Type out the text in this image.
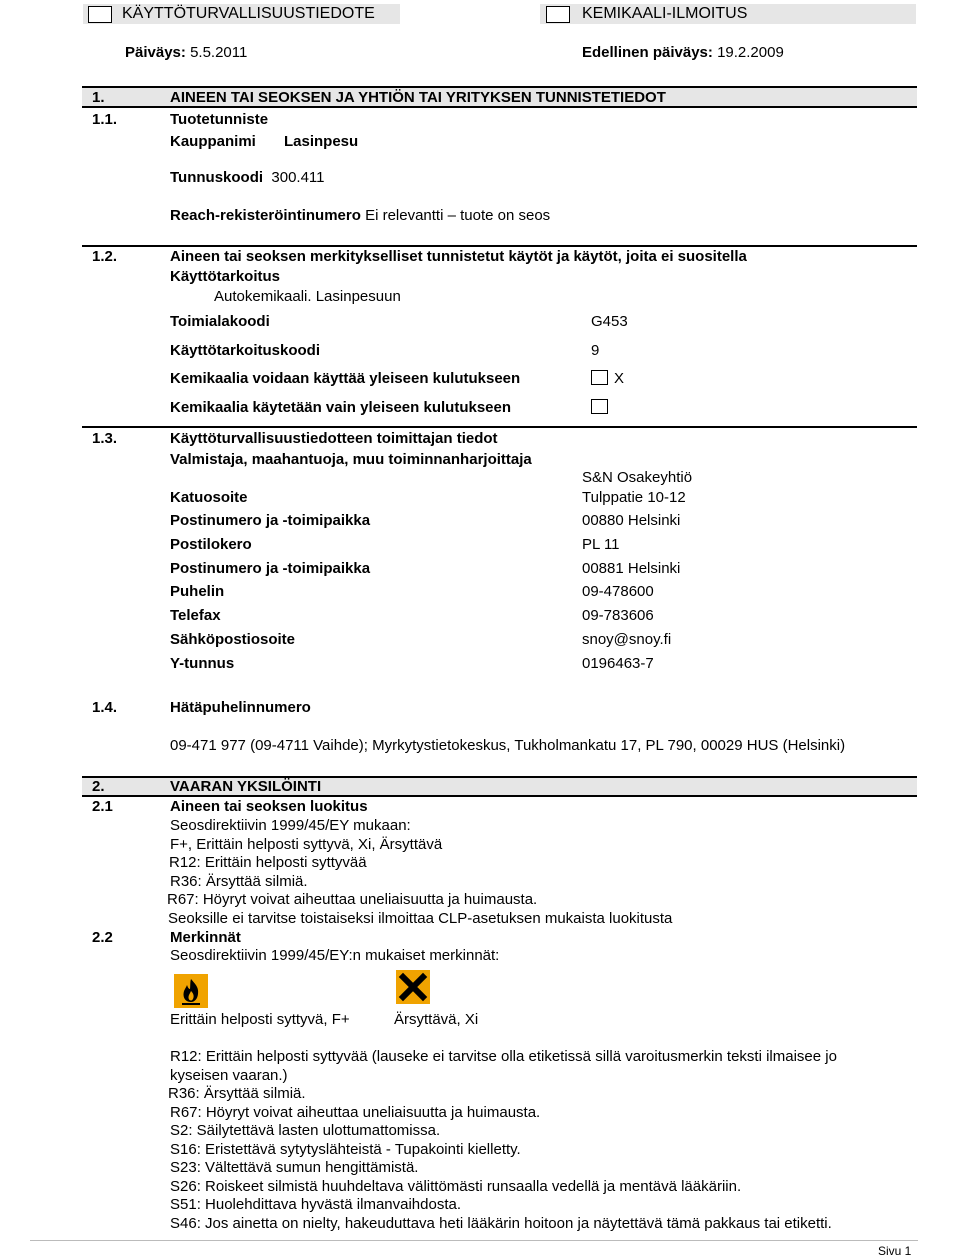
KÄYTTÖTURVALLISUUSTIEDOTE	KEMIKAALI-ILMOITUS
Päiväys: 5.5.2011	Edellinen päiväys: 19.2.2009
1.	AINEEN TAI SEOKSEN JA YHTIÖN TAI YRITYKSEN TUNNISTETIEDOT
1.1.	Tuotetunniste
Kauppanimi Lasinpesu
Tunnuskoodi 300.411
Reach-rekisteröintinumero Ei relevantti – tuote on seos
1.2.	Aineen tai seoksen merkitykselliset tunnistetut käytöt ja käytöt, joita ei suositella
Käyttötarkoitus
Autokemikaali. Lasinpesuun
Toimialakoodi	G453
Käyttötarkoituskoodi	9
Kemikaalia voidaan käyttää yleiseen kulutukseen	X
Kemikaalia käytetään vain yleiseen kulutukseen
1.3.	Käyttöturvallisuustiedotteen toimittajan tiedot
Valmistaja, maahantuoja, muu toiminnanharjoittaja
S&N Osakeyhtiö
Katuosoite	Tulppatie 10-12
Postinumero ja -toimipaikka	00880 Helsinki
Postilokero	PL 11
Postinumero ja -toimipaikka	00881 Helsinki
Puhelin	09-478600
Telefax	09-783606
Sähköpostiosoite	snoy@snoy.fi
Y-tunnus	0196463-7
1.4.	Hätäpuhelinnumero
09-471 977 (09-4711 Vaihde); Myrkytystietokeskus, Tukholmankatu 17, PL 790, 00029 HUS (Helsinki)
2.	VAARAN YKSILÖINTI
2.1	Aineen tai seoksen luokitus
Seosdirektiivin 1999/45/EY mukaan:
F+, Erittäin helposti syttyvä, Xi, Ärsyttävä
R12: Erittäin helposti syttyvää
R36: Ärsyttää silmiä.
R67: Höyryt voivat aiheuttaa uneliaisuutta ja huimausta.
Seoksille ei tarvitse toistaiseksi ilmoittaa CLP-asetuksen mukaista luokitusta
2.2	Merkinnät
Seosdirektiivin 1999/45/EY:n mukaiset merkinnät:
Erittäin helposti syttyvä, F+	Ärsyttävä, Xi
R12: Erittäin helposti syttyvää (lauseke ei tarvitse olla etiketissä sillä varoitusmerkin teksti ilmaisee jo
kyseisen vaaran.)
R36: Ärsyttää silmiä.
R67: Höyryt voivat aiheuttaa uneliaisuutta ja huimausta.
S2: Säilytettävä lasten ulottumattomissa.
S16: Eristettävä sytytyslähteistä - Tupakointi kielletty.
S23: Vältettävä sumun hengittämistä.
S26: Roiskeet silmistä huuhdeltava välittömästi runsaalla vedellä ja mentävä lääkäriin.
S51: Huolehdittava hyvästä ilmanvaihdosta.
S46: Jos ainetta on nielty, hakeuduttava heti lääkärin hoitoon ja näytettävä tämä pakkaus tai etiketti.
Sivu 1
